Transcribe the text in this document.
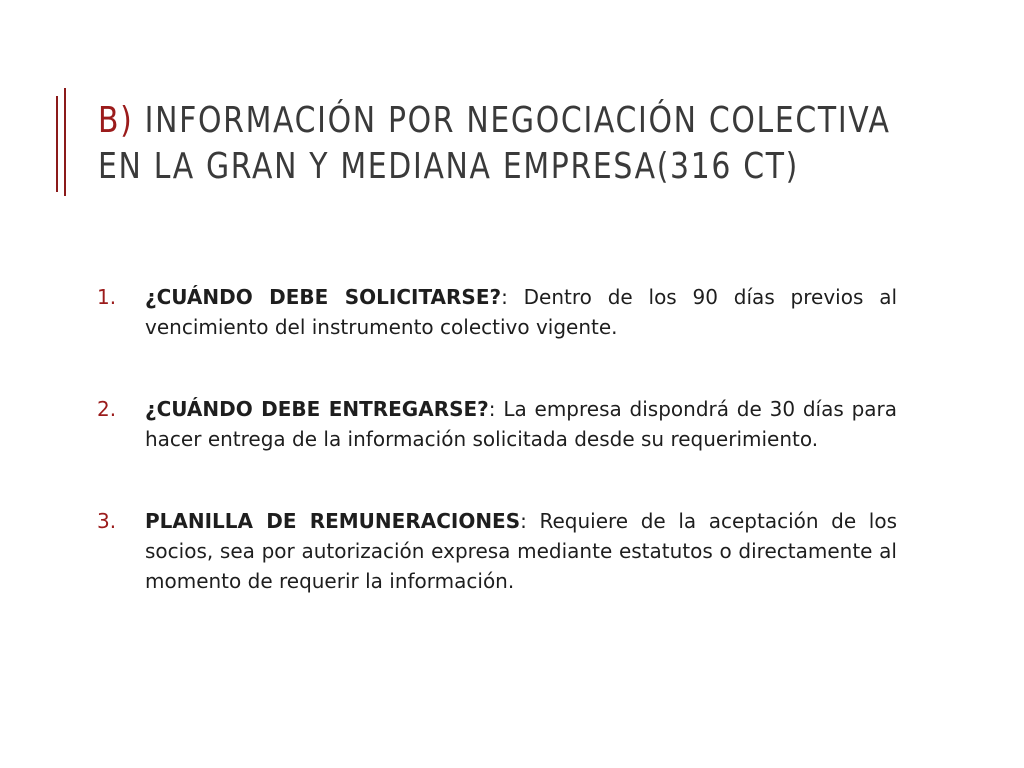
B) INFORMACIÓN POR NEGOCIACIÓN COLECTIVA
EN LA GRAN Y MEDIANA EMPRESA(316 CT)
1. ¿CUÁNDO DEBE SOLICITARSE?: Dentro de los 90 días previos al vencimiento del instrumento colectivo vigente.
2. ¿CUÁNDO DEBE ENTREGARSE?: La empresa dispondrá de 30 días para hacer entrega de la información solicitada desde su requerimiento.
3. PLANILLA DE REMUNERACIONES: Requiere de la aceptación de los socios, sea por autorización expresa mediante estatutos o directamente al momento de requerir la información.
